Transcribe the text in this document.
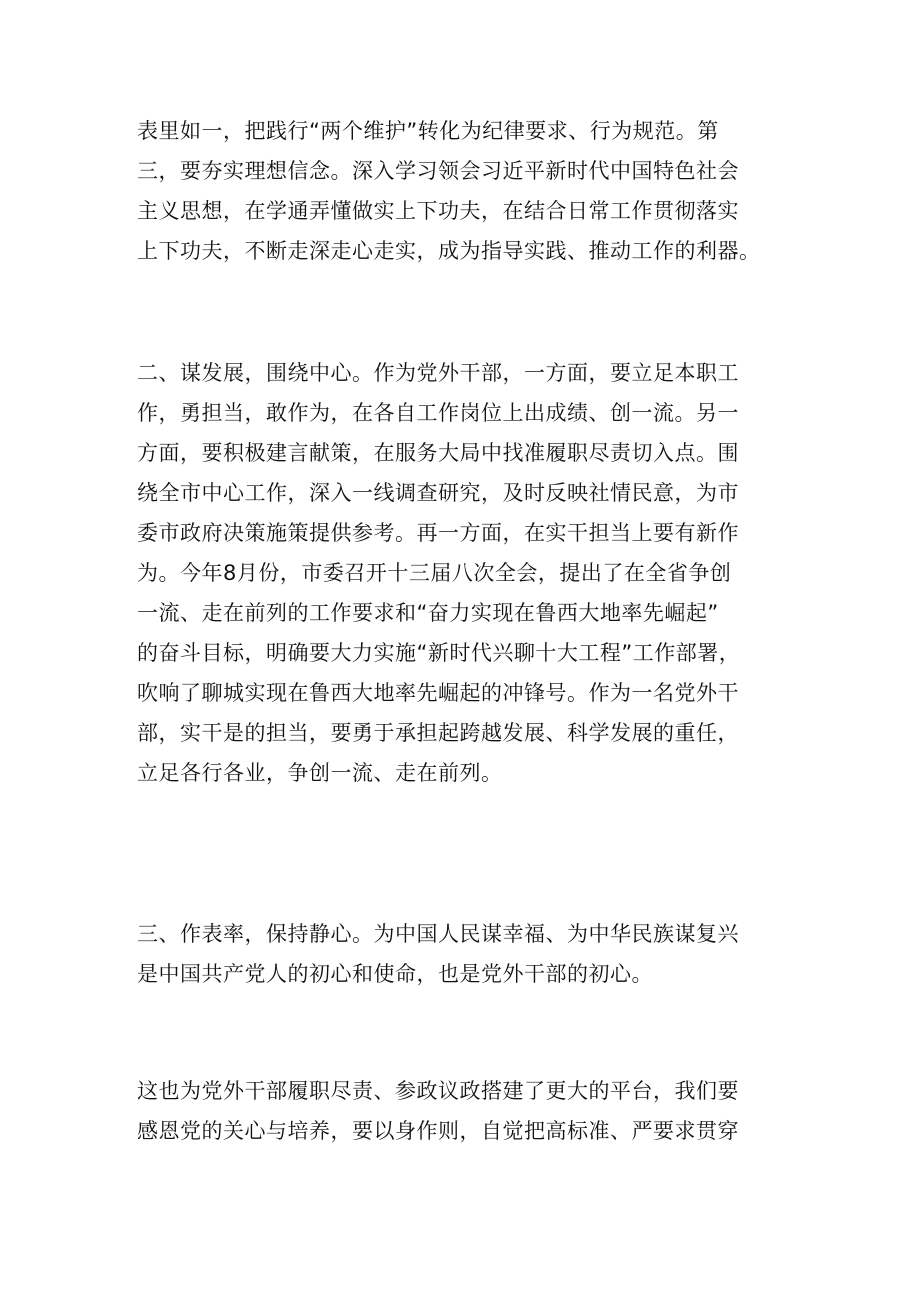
表里如一，把践行“两个维护”转化为纪律要求、行为规范。第
三，要夯实理想信念。深入学习领会习近平新时代中国特色社会
主义思想，在学通弄懂做实上下功夫，在结合日常工作贯彻落实
上下功夫，不断走深走心走实，成为指导实践、推动工作的利器。
二、谋发展，围绕中心。作为党外干部，一方面，要立足本职工
作，勇担当，敢作为，在各自工作岗位上出成绩、创一流。另一
方面，要积极建言献策，在服务大局中找准履职尽责切入点。围
绕全市中心工作，深入一线调查研究，及时反映社情民意，为市
委市政府决策施策提供参考。再一方面，在实干担当上要有新作
为。今年8月份，市委召开十三届八次全会，提出了在全省争创
一流、走在前列的工作要求和“奋力实现在鲁西大地率先崛起”
的奋斗目标，明确要大力实施“新时代兴聊十大工程”工作部署，
吹响了聊城实现在鲁西大地率先崛起的冲锋号。作为一名党外干
部，实干是的担当，要勇于承担起跨越发展、科学发展的重任，
立足各行各业，争创一流、走在前列。
三、作表率，保持静心。为中国人民谋幸福、为中华民族谋复兴
是中国共产党人的初心和使命，也是党外干部的初心。
这也为党外干部履职尽责、参政议政搭建了更大的平台，我们要
感恩党的关心与培养，要以身作则，自觉把高标准、严要求贯穿
